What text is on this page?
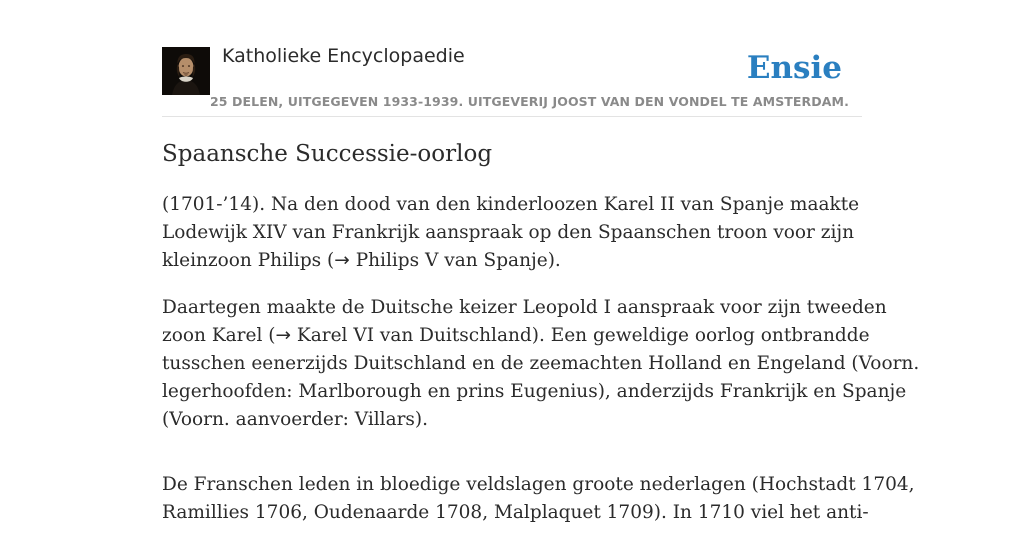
Katholieke Encyclopaedie	Ensie
25 DELEN, UITGEGEVEN 1933-1939. UITGEVERIJ JOOST VAN DEN VONDEL TE AMSTERDAM.
Spaansche Successie-oorlog

(1701-’14). Na den dood van den kinderloozen Karel II van Spanje maakte
Lodewijk XIV van Frankrijk aanspraak op den Spaanschen troon voor zijn
kleinzoon Philips (→ Philips V van Spanje).

Daartegen maakte de Duitsche keizer Leopold I aanspraak voor zijn tweeden
zoon Karel (→ Karel VI van Duitschland). Een geweldige oorlog ontbrandde
tusschen eenerzijds Duitschland en de zeemachten Holland en Engeland (Voorn.
legerhoofden: Marlborough en prins Eugenius), anderzijds Frankrijk en Spanje
(Voorn. aanvoerder: Villars).

De Franschen leden in bloedige veldslagen groote nederlagen (Hochstadt 1704,
Ramillies 1706, Oudenaarde 1708, Malplaquet 1709). In 1710 viel het anti-
